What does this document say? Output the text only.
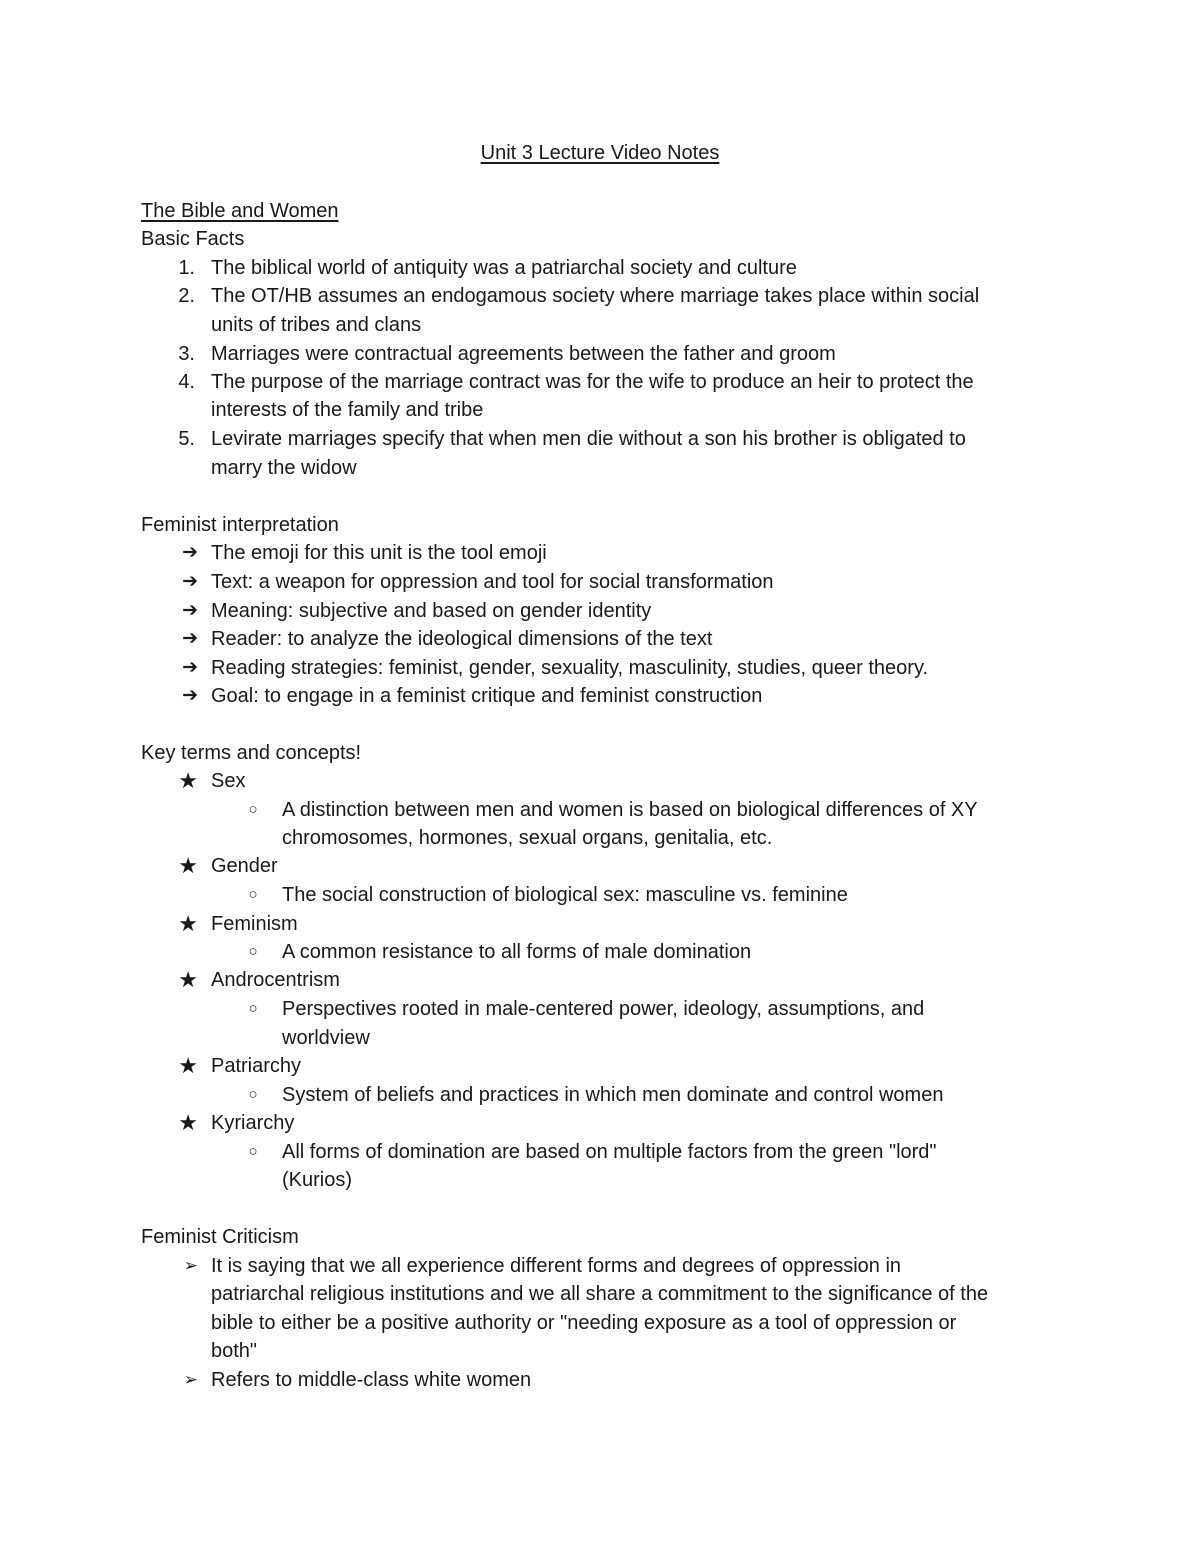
Unit 3 Lecture Video Notes
The Bible and Women
Basic Facts
1. The biblical world of antiquity was a patriarchal society and culture
2. The OT/HB assumes an endogamous society where marriage takes place within social
units of tribes and clans
3. Marriages were contractual agreements between the father and groom
4. The purpose of the marriage contract was for the wife to produce an heir to protect the
interests of the family and tribe
5. Levirate marriages specify that when men die without a son his brother is obligated to
marry the widow
Feminist interpretation
➔ The emoji for this unit is the tool emoji
➔ Text: a weapon for oppression and tool for social transformation
➔ Meaning: subjective and based on gender identity
➔ Reader: to analyze the ideological dimensions of the text
➔ Reading strategies: feminist, gender, sexuality, masculinity, studies, queer theory.
➔ Goal: to engage in a feminist critique and feminist construction
Key terms and concepts!
★ Sex
○	A distinction between men and women is based on biological differences of XY
chromosomes, hormones, sexual organs, genitalia, etc.
★ Gender
○	The social construction of biological sex: masculine vs. feminine
★ Feminism
○	A common resistance to all forms of male domination
★ Androcentrism
○	Perspectives rooted in male-centered power, ideology, assumptions, and
worldview
★ Patriarchy
○	System of beliefs and practices in which men dominate and control women
★ Kyriarchy
○	All forms of domination are based on multiple factors from the green "lord"
(Kurios)
Feminist Criticism
➢ It is saying that we all experience different forms and degrees of oppression in
patriarchal religious institutions and we all share a commitment to the significance of the
bible to either be a positive authority or "needing exposure as a tool of oppression or
both"
➢ Refers to middle-class white women
